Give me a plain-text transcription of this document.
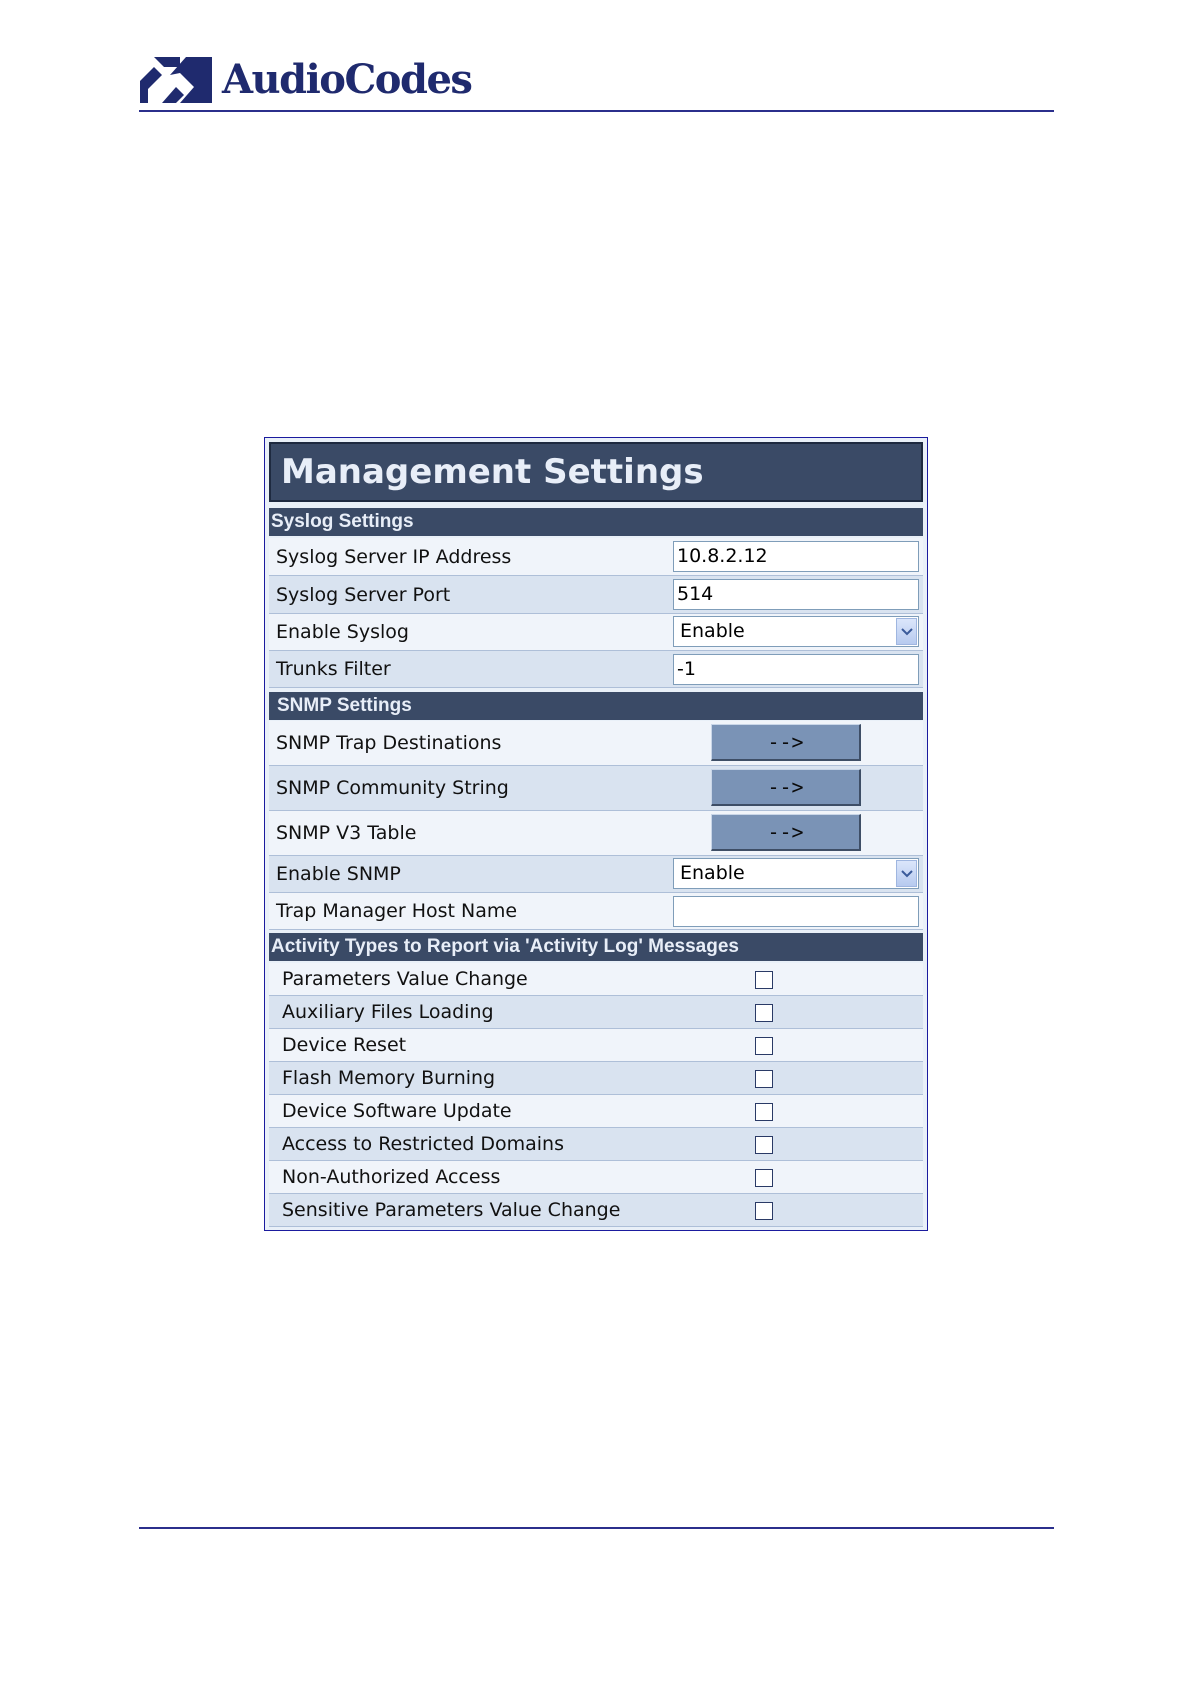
AudioCodes
Management Settings
Syslog Settings
Syslog Server IP Address	10.8.2.12
Syslog Server Port	514
Enable Syslog	Enable
Trunks Filter	-1
SNMP Settings
SNMP Trap Destinations	-->
SNMP Community String	-->
SNMP V3 Table	-->
Enable SNMP	Enable
Trap Manager Host Name
Activity Types to Report via 'Activity Log' Messages
Parameters Value Change
Auxiliary Files Loading
Device Reset
Flash Memory Burning
Device Software Update
Access to Restricted Domains
Non-Authorized Access
Sensitive Parameters Value Change
